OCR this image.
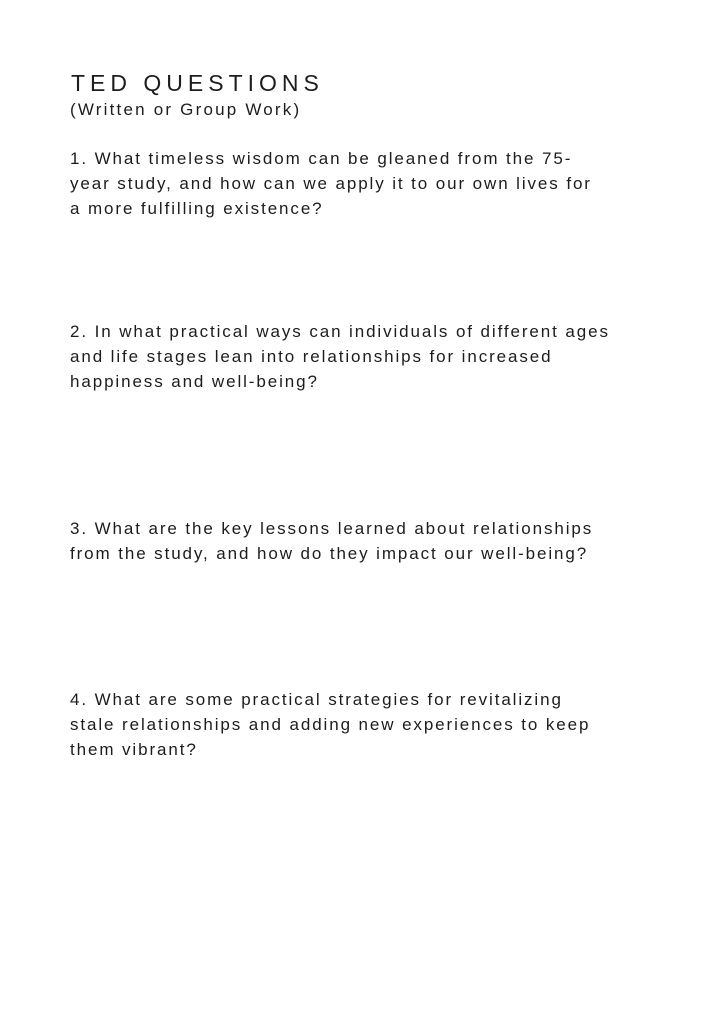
TED QUESTIONS
(Written or Group Work)
1. What timeless wisdom can be gleaned from the 75-
year study, and how can we apply it to our own lives for
a more fulfilling existence?
2. In what practical ways can individuals of different ages
and life stages lean into relationships for increased
happiness and well-being?
3. What are the key lessons learned about relationships
from the study, and how do they impact our well-being?
4. What are some practical strategies for revitalizing
stale relationships and adding new experiences to keep
them vibrant?
